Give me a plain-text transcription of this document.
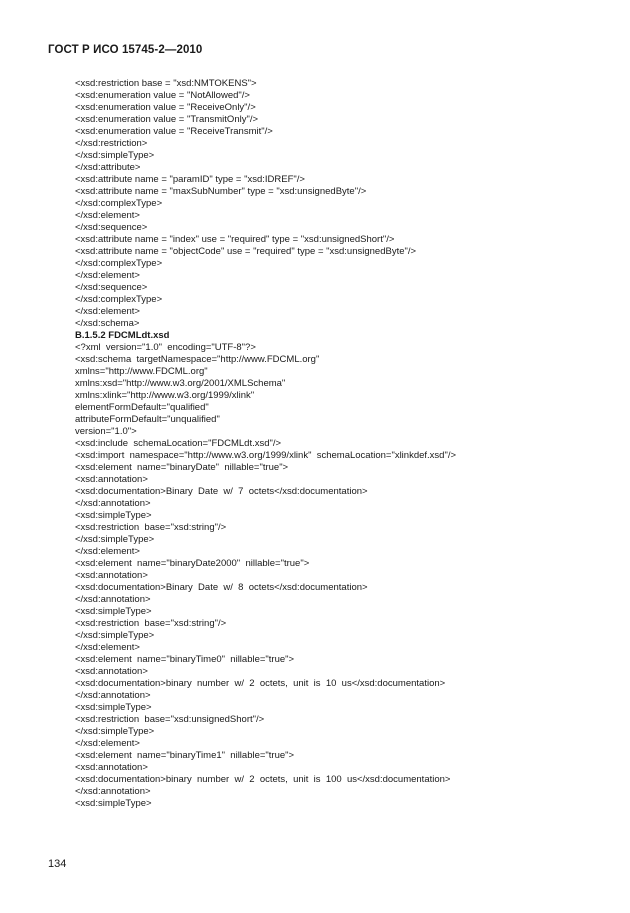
ГОСТ Р ИСО 15745-2—2010
<xsd:restriction base = "xsd:NMTOKENS">
<xsd:enumeration value = "NotAllowed"/>
<xsd:enumeration value = "ReceiveOnly"/>
<xsd:enumeration value = "TransmitOnly"/>
<xsd:enumeration value = "ReceiveTransmit"/>
</xsd:restriction>
</xsd:simpleType>
</xsd:attribute>
<xsd:attribute name = "paramID" type = "xsd:IDREF"/>
<xsd:attribute name = "maxSubNumber" type = "xsd:unsignedByte"/>
</xsd:complexType>
</xsd:element>
</xsd:sequence>
<xsd:attribute name = "index" use = "required" type = "xsd:unsignedShort"/>
<xsd:attribute name = "objectCode" use = "required" type = "xsd:unsignedByte"/>
</xsd:complexType>
</xsd:element>
</xsd:sequence>
</xsd:complexType>
</xsd:element>
</xsd:schema>
B.1.5.2 FDCMLdt.xsd
<?xml  version="1.0"  encoding="UTF-8"?>
<xsd:schema  targetNamespace="http://www.FDCML.org"
xmlns="http://www.FDCML.org"
xmlns:xsd="http://www.w3.org/2001/XMLSchema"
xmlns:xlink="http://www.w3.org/1999/xlink"
elementFormDefault="qualified"
attributeFormDefault="unqualified"
version="1.0">
<xsd:include  schemaLocation="FDCMLdt.xsd"/>
<xsd:import  namespace="http://www.w3.org/1999/xlink"  schemaLocation="xlinkdef.xsd"/>
<xsd:element  name="binaryDate"  nillable="true">
<xsd:annotation>
<xsd:documentation>Binary  Date  w/  7  octets</xsd:documentation>
</xsd:annotation>
<xsd:simpleType>
<xsd:restriction  base="xsd:string"/>
</xsd:simpleType>
</xsd:element>
<xsd:element  name="binaryDate2000"  nillable="true">
<xsd:annotation>
<xsd:documentation>Binary  Date  w/  8  octets</xsd:documentation>
</xsd:annotation>
<xsd:simpleType>
<xsd:restriction  base="xsd:string"/>
</xsd:simpleType>
</xsd:element>
<xsd:element  name="binaryTime0"  nillable="true">
<xsd:annotation>
<xsd:documentation>binary  number  w/  2  octets,  unit  is  10  us</xsd:documentation>
</xsd:annotation>
<xsd:simpleType>
<xsd:restriction  base="xsd:unsignedShort"/>
</xsd:simpleType>
</xsd:element>
<xsd:element  name="binaryTime1"  nillable="true">
<xsd:annotation>
<xsd:documentation>binary  number  w/  2  octets,  unit  is  100  us</xsd:documentation>
</xsd:annotation>
<xsd:simpleType>
134
